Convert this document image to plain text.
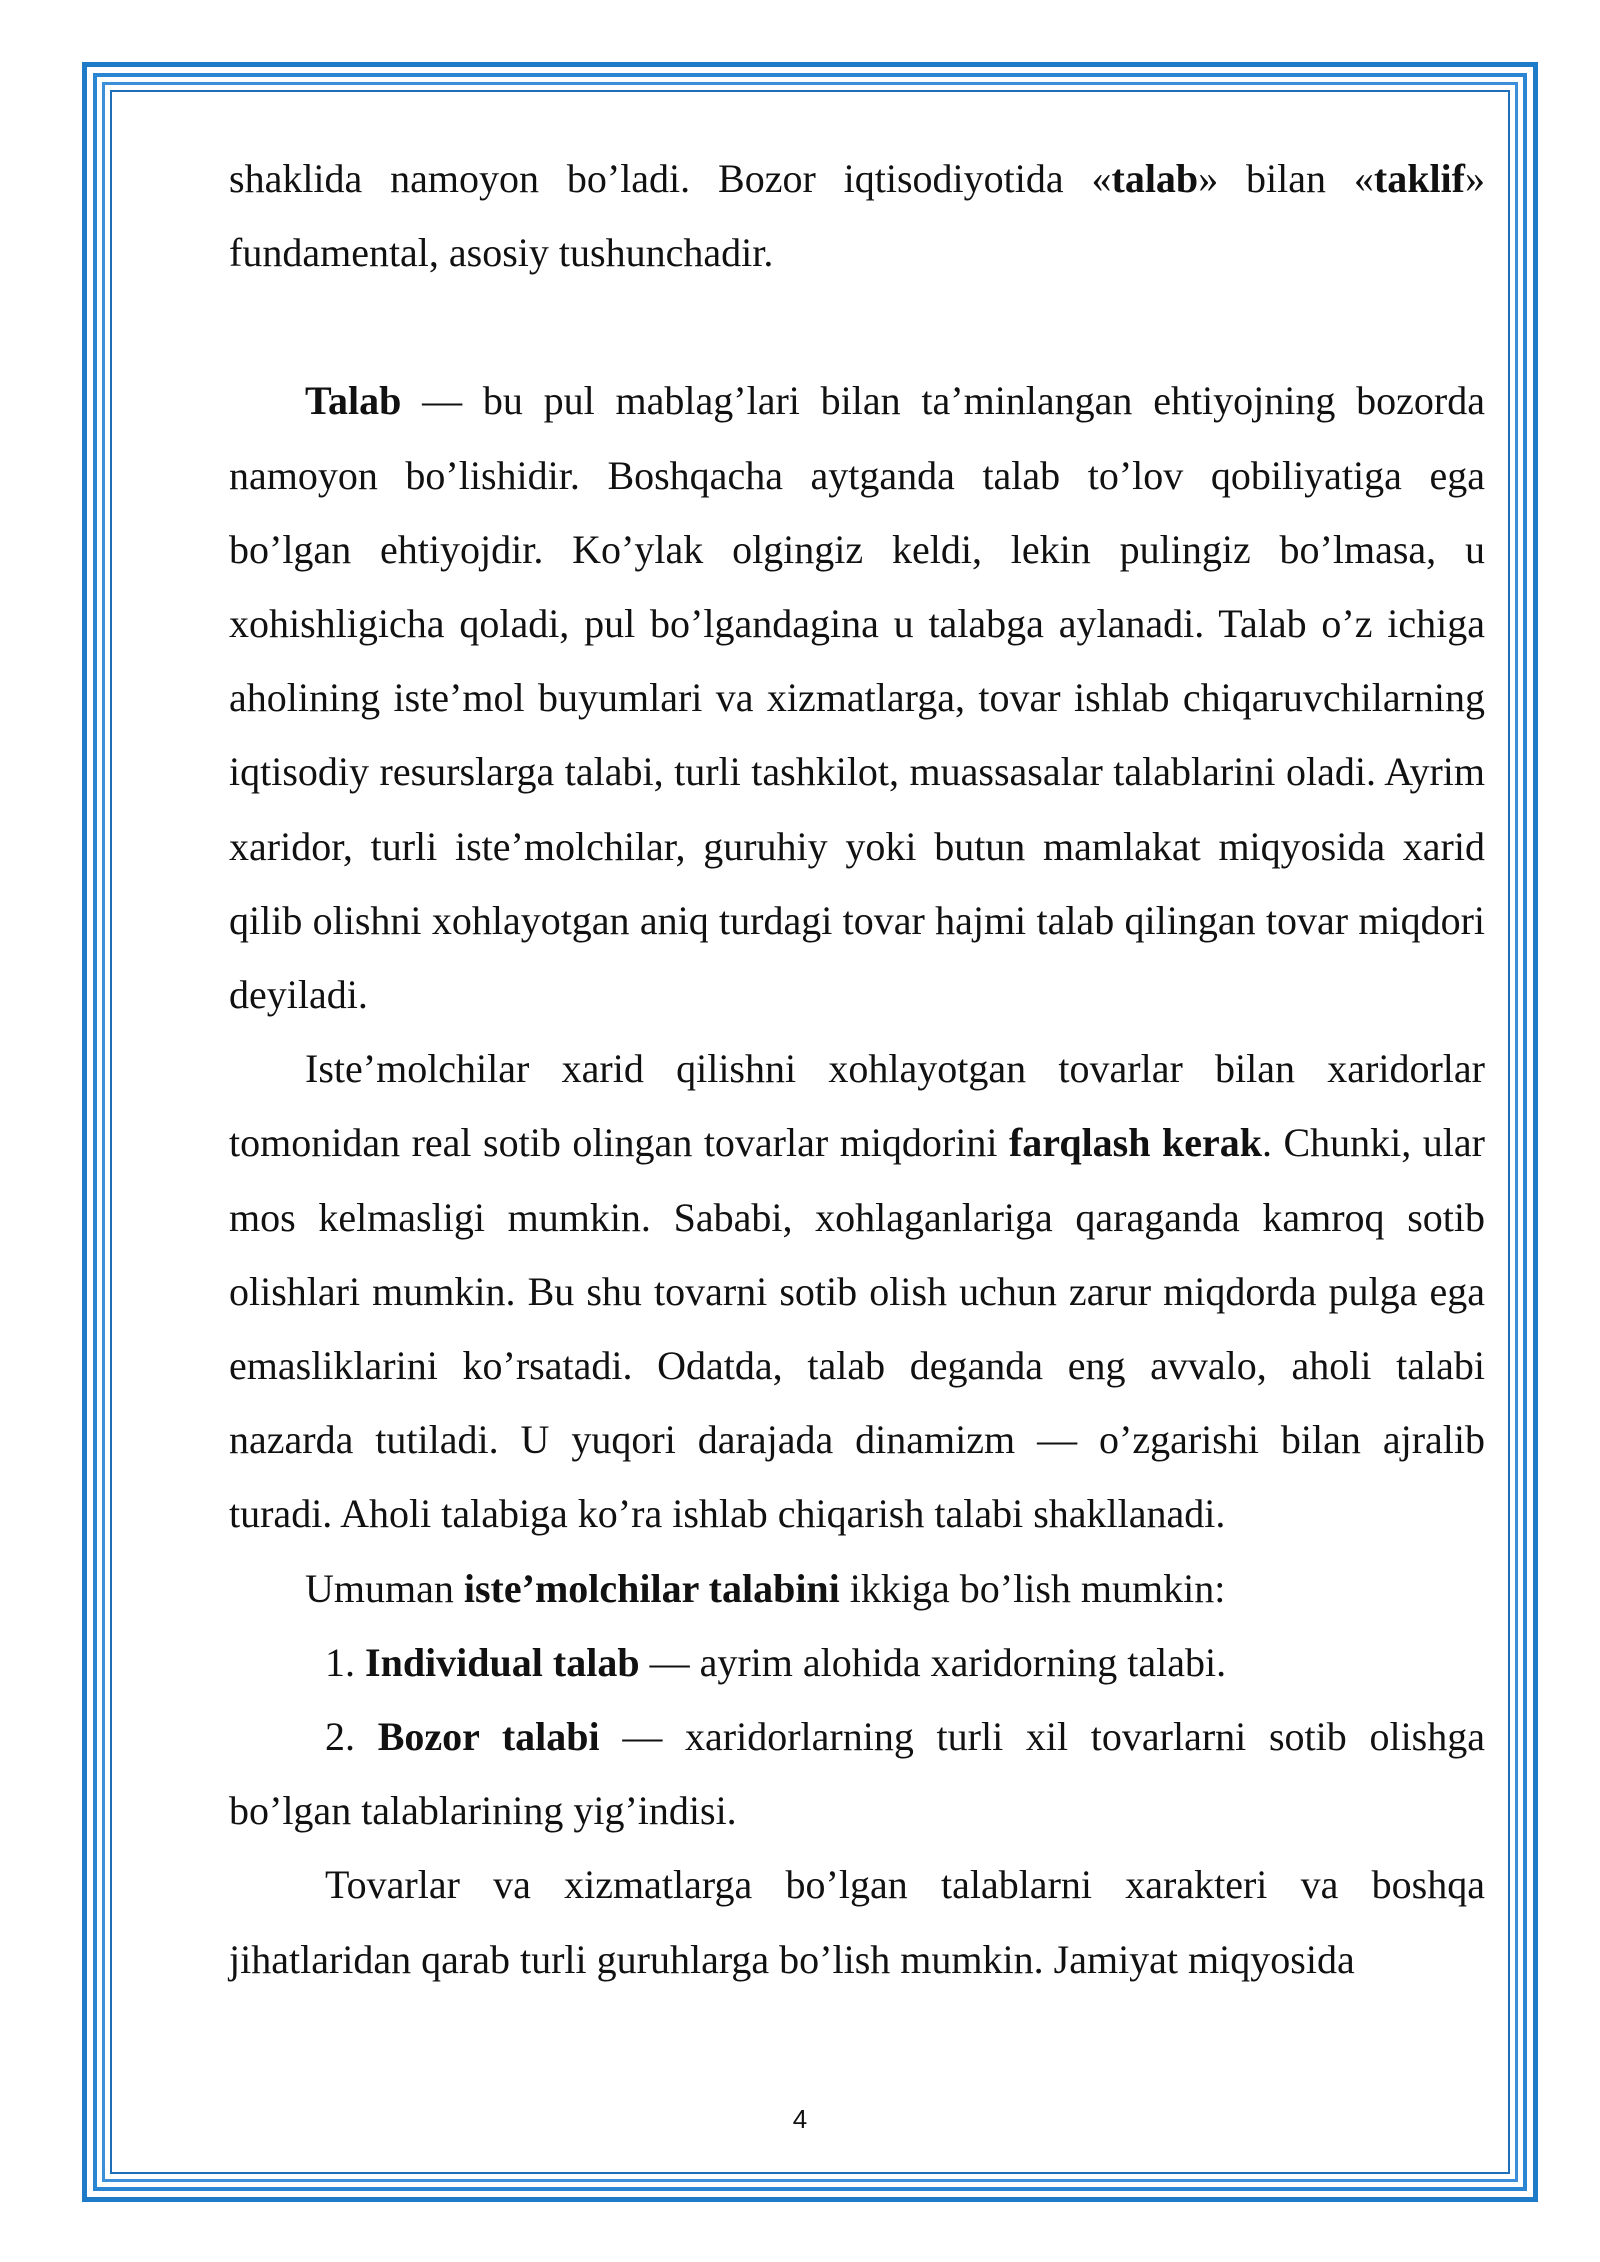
shaklida namoyon bo’ladi. Bozor iqtisodiyotida «talab» bilan «taklif» fundamental, asosiy tushunchadir.

Talab — bu pul mablag’lari bilan ta’minlangan ehtiyojning bozorda namoyon bo’lishidir. Boshqacha aytganda talab to’lov qobiliyatiga ega bo’lgan ehtiyojdir. Ko’ylak olgingiz keldi, lekin pulingiz bo’lmasa, u xohishligicha qoladi, pul bo’lgandagina u talabga aylanadi. Talab o’z ichiga aholining iste’mol buyumlari va xizmatlarga, tovar ishlab chiqaruvchilarning iqtisodiy resurslarga talabi, turli tashkilot, muassasalar talablarini oladi. Ayrim xaridor, turli iste’molchilar, guruhiy yoki butun mamlakat miqyosida xarid qilib olishni xohlayotgan aniq turdagi tovar hajmi talab qilingan tovar miqdori deyiladi.

Iste’molchilar xarid qilishni xohlayotgan tovarlar bilan xaridorlar tomonidan real sotib olingan tovarlar miqdorini farqlash kerak. Chunki, ular mos kelmasligi mumkin. Sababi, xohlaganlariga qaraganda kamroq sotib olishlari mumkin. Bu shu tovarni sotib olish uchun zarur miqdorda pulga ega emasliklarini ko’rsatadi. Odatda, talab deganda eng avvalo, aholi talabi nazarda tutiladi. U yuqori darajada dinamizm — o’zgarishi bilan ajralib turadi. Aholi talabiga ko’ra ishlab chiqarish talabi shakllanadi.

Umuman iste’molchilar talabini ikkiga bo’lish mumkin:

1. Individual talab — ayrim alohida xaridorning talabi.

2. Bozor talabi — xaridorlarning turli xil tovarlarni sotib olishga bo’lgan talablarining yig’indisi.

Tovarlar va xizmatlarga bo’lgan talablarni xarakteri va boshqa jihatlaridan qarab turli guruhlarga bo’lish mumkin. Jamiyat miqyosida

4
